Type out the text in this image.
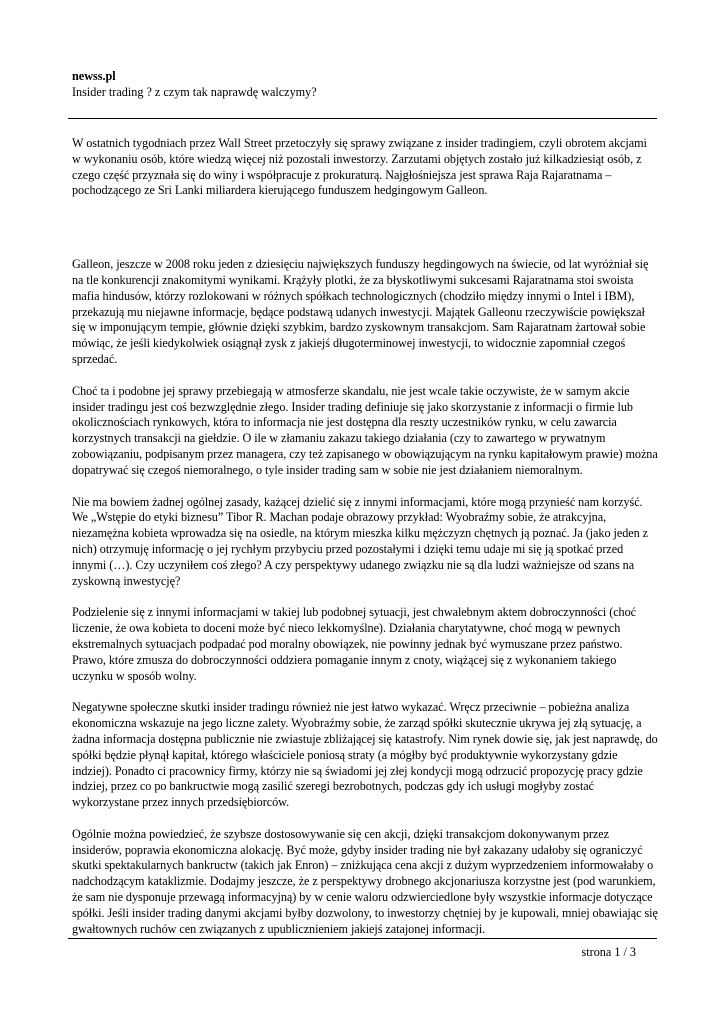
newss.pl

Insider trading ? z czym tak naprawdę walczymy?

W ostatnich tygodniach przez Wall Street przetoczyły się sprawy związane z insider tradingiem, czyli obrotem akcjami w wykonaniu osób, które wiedzą więcej niż pozostali inwestorzy. Zarzutami objętych zostało już kilkadziesiąt osób, z czego część przyznała się do winy i współpracuje z prokuraturą. Najgłośniejsza jest sprawa Raja Rajaratnama – pochodzącego ze Sri Lanki miliardera kierującego funduszem hedgingowym Galleon.

Galleon, jeszcze w 2008 roku jeden z dziesięciu największych funduszy hegdingowych na świecie, od lat wyróżniał się na tle konkurencji znakomitymi wynikami. Krążyły plotki, że za błyskotliwymi sukcesami Rajaratnama stoi swoista mafia hindusów, którzy rozlokowani w różnych spółkach technologicznych (chodziło między innymi o Intel i IBM), przekazują mu niejawne informacje, będące podstawą udanych inwestycji. Majątek Galleonu rzeczywiście powiększał się w imponującym tempie, głównie dzięki szybkim, bardzo zyskownym transakcjom. Sam Rajaratnam żartował sobie mówiąc, że jeśli kiedykolwiek osiągnął zysk z jakiejś długoterminowej inwestycji, to widocznie zapomniał czegoś sprzedać.

Choć ta i podobne jej sprawy przebiegają w atmosferze skandalu, nie jest wcale takie oczywiste, że w samym akcie insider tradingu jest coś bezwzględnie złego. Insider trading definiuje się jako skorzystanie z informacji o firmie lub okolicznościach rynkowych, która to informacja nie jest dostępna dla reszty uczestników rynku, w celu zawarcia korzystnych transakcji na giełdzie. O ile w złamaniu zakazu takiego działania (czy to zawartego w prywatnym zobowiązaniu, podpisanym przez managera, czy też zapisanego w obowiązującym na rynku kapitałowym prawie) można dopatrywać się czegoś niemoralnego, o tyle insider trading sam w sobie nie jest działaniem niemoralnym.

Nie ma bowiem żadnej ogólnej zasady, każącej dzielić się z innymi informacjami, które mogą przynieść nam korzyść. We „Wstępie do etyki biznesu” Tibor R. Machan podaje obrazowy przykład: Wyobraźmy sobie, że atrakcyjna, niezamężna kobieta wprowadza się na osiedle, na którym mieszka kilku mężczyzn chętnych ją poznać. Ja (jako jeden z nich) otrzymuję informację o jej rychłym przybyciu przed pozostałymi i dzięki temu udaje mi się ją spotkać przed innymi (…). Czy uczyniłem coś złego? A czy perspektywy udanego związku nie są dla ludzi ważniejsze od szans na zyskowną inwestycję?

Podzielenie się z innymi informacjami w takiej lub podobnej sytuacji, jest chwalebnym aktem dobroczynności (choć liczenie, że owa kobieta to doceni może być nieco lekkomyślne). Działania charytatywne, choć mogą w pewnych ekstremalnych sytuacjach podpadać pod moralny obowiązek, nie powinny jednak być wymuszane przez państwo. Prawo, które zmusza do dobroczynności oddziera pomaganie innym z cnoty, wiążącej się z wykonaniem takiego uczynku w sposób wolny.

Negatywne społeczne skutki insider tradingu również nie jest łatwo wykazać. Wręcz przeciwnie – pobieżna analiza ekonomiczna wskazuje na jego liczne zalety. Wyobraźmy sobie, że zarząd spółki skutecznie ukrywa jej złą sytuację, a żadna informacja dostępna publicznie nie zwiastuje zbliżającej się katastrofy. Nim rynek dowie się, jak jest naprawdę, do spółki będzie płynął kapitał, którego właściciele poniosą straty (a mógłby być produktywnie wykorzystany gdzie indziej). Ponadto ci pracownicy firmy, którzy nie są świadomi jej złej kondycji mogą odrzucić propozycję pracy gdzie indziej, przez co po bankructwie mogą zasilić szeregi bezrobotnych, podczas gdy ich usługi mogłyby zostać wykorzystane przez innych przedsiębiorców.

Ogólnie można powiedzieć, że szybsze dostosowywanie się cen akcji, dzięki transakcjom dokonywanym przez insiderów, poprawia ekonomiczna alokację. Być może, gdyby insider trading nie był zakazany udałoby się ograniczyć skutki spektakularnych bankructw (takich jak Enron) – zniżkująca cena akcji z dużym wyprzedzeniem informowałaby o nadchodzącym kataklizmie. Dodajmy jeszcze, że z perspektywy drobnego akcjonariusza korzystne jest (pod warunkiem, że sam nie dysponuje przewagą informacyjną) by w cenie waloru odzwierciedlone były wszystkie informacje dotyczące spółki. Jeśli insider trading danymi akcjami byłby dozwolony, to inwestorzy chętniej by je kupowali, mniej obawiając się gwałtownych ruchów cen związanych z upublicznieniem jakiejś zatajonej informacji.

strona 1 / 3
